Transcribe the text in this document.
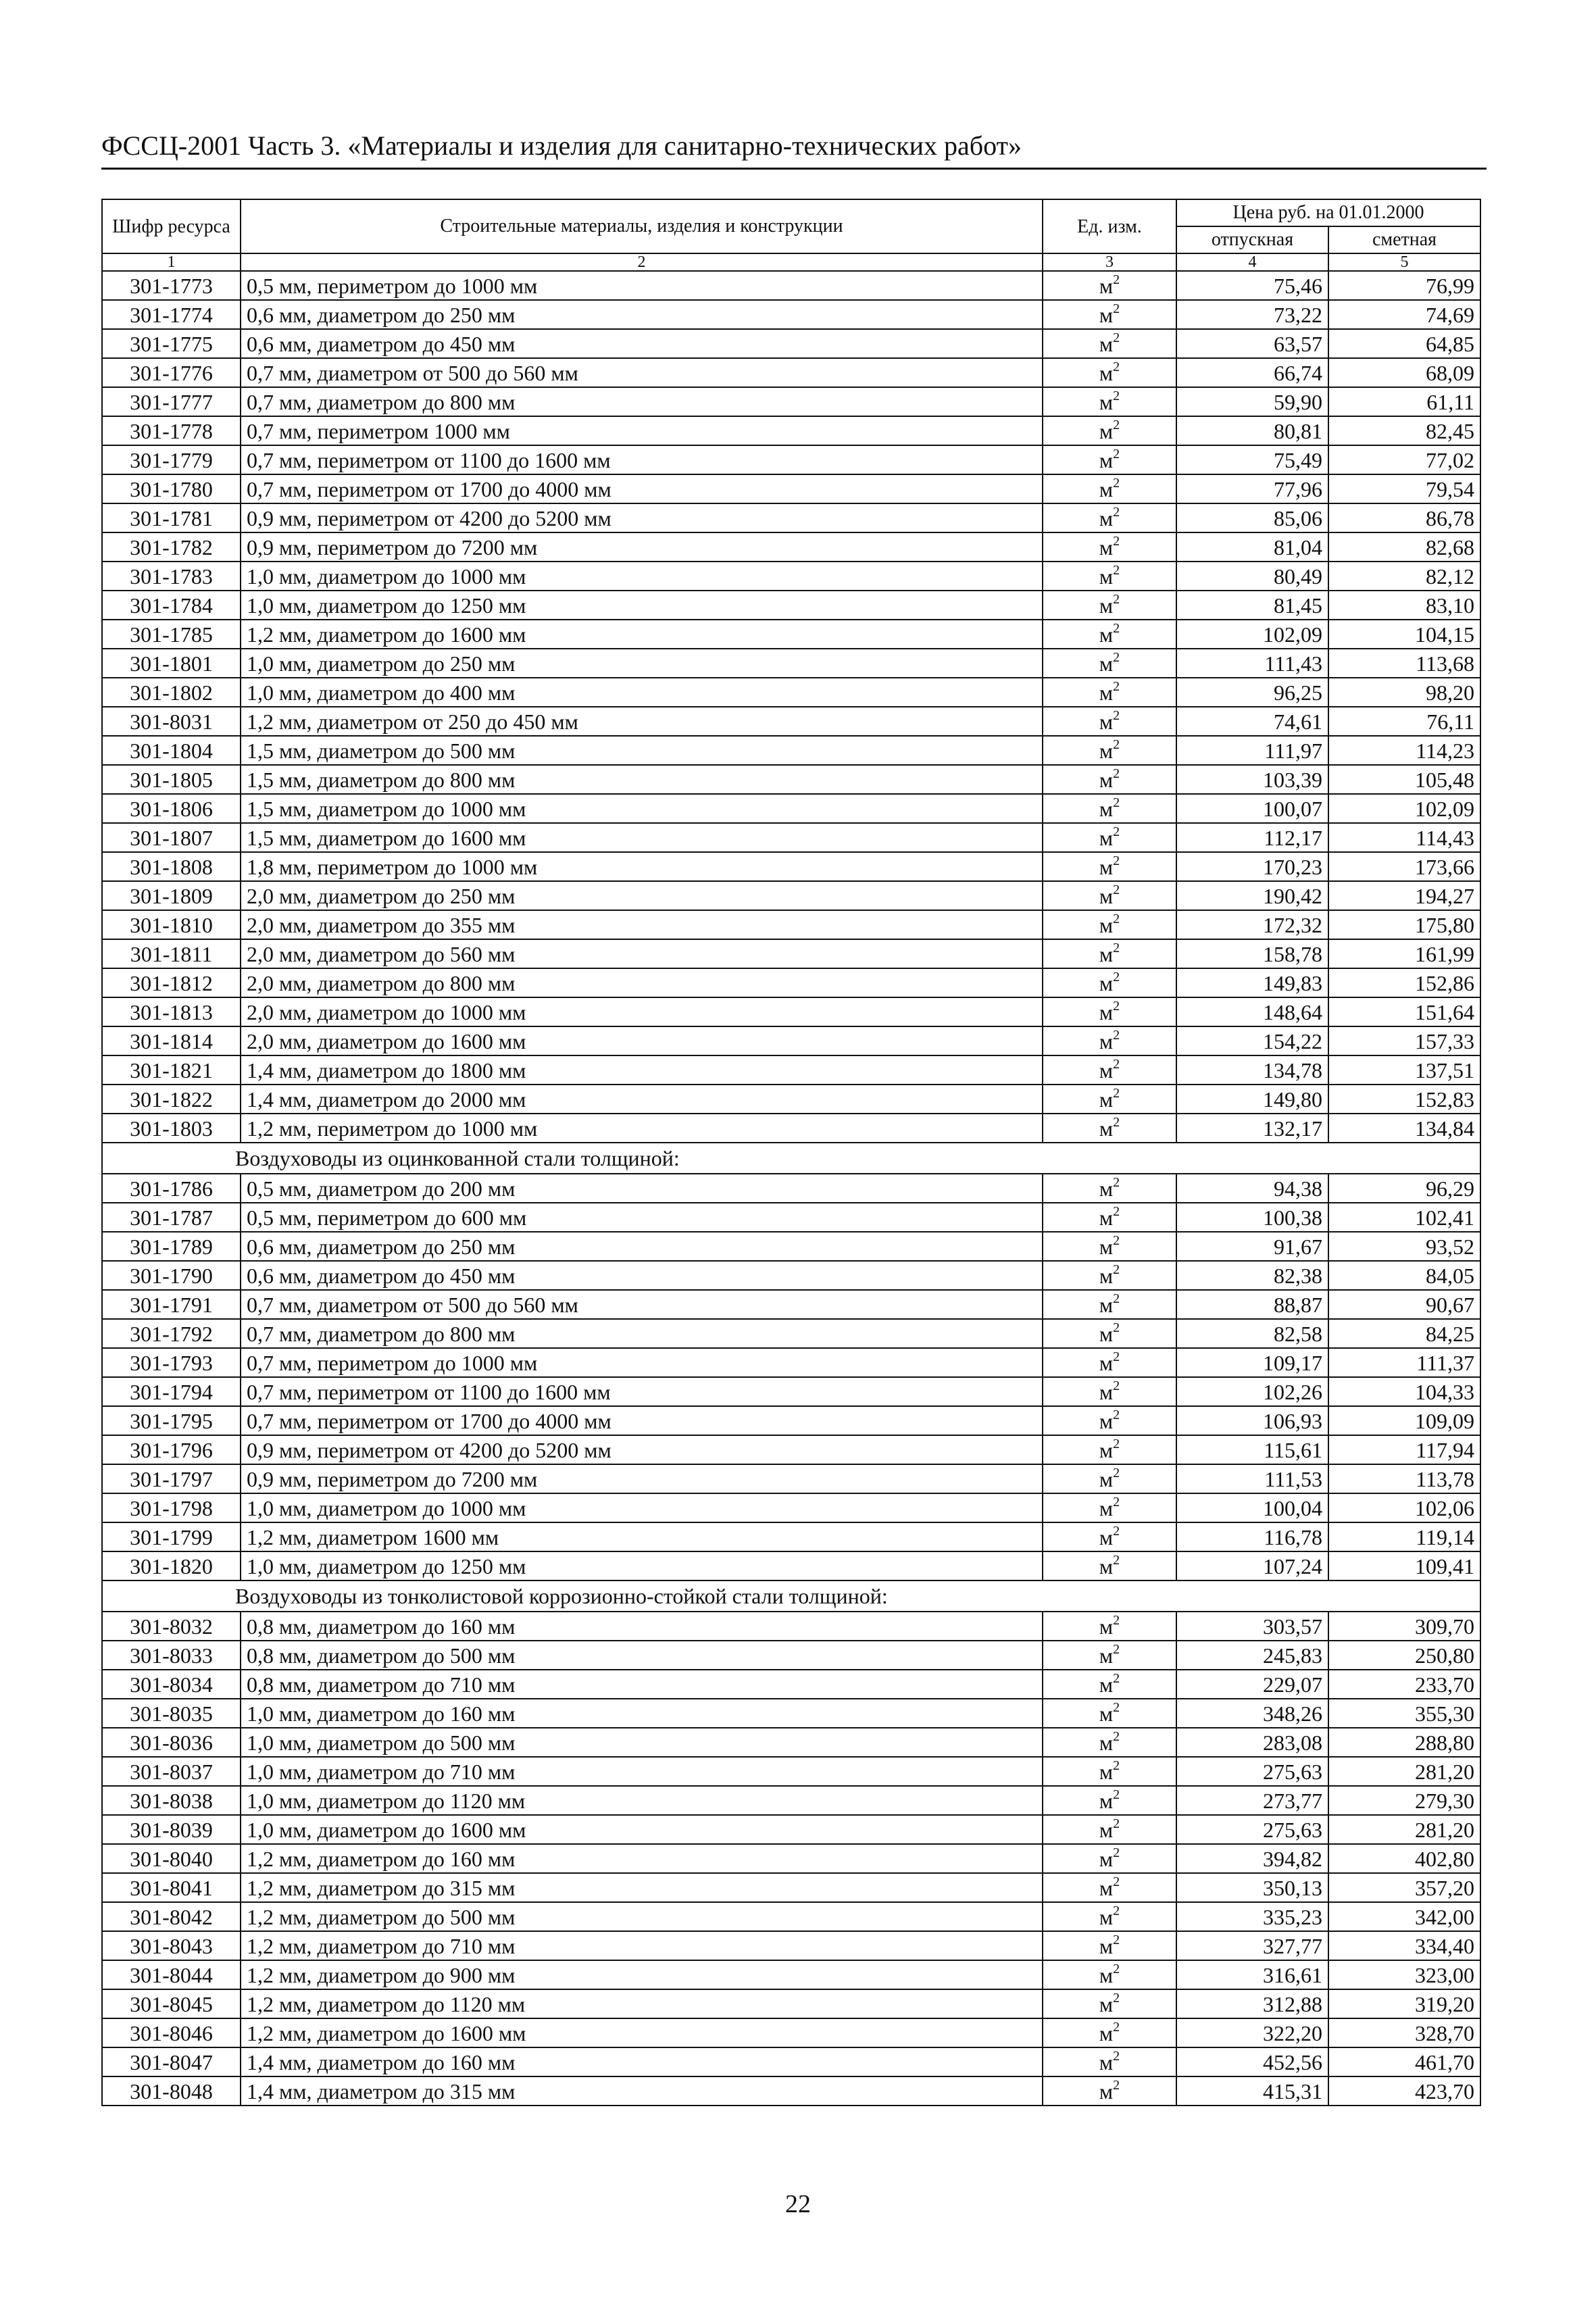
ФССЦ-2001 Часть 3. «Материалы и изделия для санитарно-технических работ»
Шифр ресурса	Строительные материалы, изделия и конструкции	Ед. изм.	Цена руб. на 01.01.2000	
			отпускная	сметная
1	2	3	4	5
301-1773	0,5 мм, периметром до 1000 мм	$м^2$	75,46	76,99
301-1774	0,6 мм, диаметром до 250 мм	$м^2$	73,22	74,69
301-1775	0,6 мм, диаметром до 450 мм	$м^2$	63,57	64,85
301-1776	0,7 мм, диаметром от 500 до 560 мм	$м^2$	66,74	68,09
301-1777	0,7 мм, диаметром до 800 мм	$м^2$	59,90	61,11
301-1778	0,7 мм, периметром 1000 мм	$м^2$	80,81	82,45
301-1779	0,7 мм, периметром от 1100 до 1600 мм	$м^2$	75,49	77,02
301-1780	0,7 мм, периметром от 1700 до 4000 мм	$м^2$	77,96	79,54
301-1781	0,9 мм, периметром от 4200 до 5200 мм	$м^2$	85,06	86,78
301-1782	0,9 мм, периметром до 7200 мм	$м^2$	81,04	82,68
301-1783	1,0 мм, диаметром до 1000 мм	$м^2$	80,49	82,12
301-1784	1,0 мм, диаметром до 1250 мм	$м^2$	81,45	83,10
301-1785	1,2 мм, диаметром до 1600 мм	$м^2$	102,09	104,15
301-1801	1,0 мм, диаметром до 250 мм	$м^2$	111,43	113,68
301-1802	1,0 мм, диаметром до 400 мм	$м^2$	96,25	98,20
301-8031	1,2 мм, диаметром от 250 до 450 мм	$м^2$	74,61	76,11
301-1804	1,5 мм, диаметром до 500 мм	$м^2$	111,97	114,23
301-1805	1,5 мм, диаметром до 800 мм	$м^2$	103,39	105,48
301-1806	1,5 мм, диаметром до 1000 мм	$м^2$	100,07	102,09
301-1807	1,5 мм, диаметром до 1600 мм	$м^2$	112,17	114,43
301-1808	1,8 мм, периметром до 1000 мм	$м^2$	170,23	173,66
301-1809	2,0 мм, диаметром до 250 мм	$м^2$	190,42	194,27
301-1810	2,0 мм, диаметром до 355 мм	$м^2$	172,32	175,80
301-1811	2,0 мм, диаметром до 560 мм	$м^2$	158,78	161,99
301-1812	2,0 мм, диаметром до 800 мм	$м^2$	149,83	152,86
301-1813	2,0 мм, диаметром до 1000 мм	$м^2$	148,64	151,64
301-1814	2,0 мм, диаметром до 1600 мм	$м^2$	154,22	157,33
301-1821	1,4 мм, диаметром до 1800 мм	$м^2$	134,78	137,51
301-1822	1,4 мм, диаметром до 2000 мм	$м^2$	149,80	152,83
301-1803	1,2 мм, периметром до 1000 мм	$м^2$	132,17	134,84
Воздуховоды из оцинкованной стали толщиной:				
301-1786	0,5 мм, диаметром до 200 мм	$м^2$	94,38	96,29
301-1787	0,5 мм, периметром до 600 мм	$м^2$	100,38	102,41
301-1789	0,6 мм, диаметром до 250 мм	$м^2$	91,67	93,52
301-1790	0,6 мм, диаметром до 450 мм	$м^2$	82,38	84,05
301-1791	0,7 мм, диаметром от 500 до 560 мм	$м^2$	88,87	90,67
301-1792	0,7 мм, диаметром до 800 мм	$м^2$	82,58	84,25
301-1793	0,7 мм, периметром до 1000 мм	$м^2$	109,17	111,37
301-1794	0,7 мм, периметром от 1100 до 1600 мм	$м^2$	102,26	104,33
301-1795	0,7 мм, периметром от 1700 до 4000 мм	$м^2$	106,93	109,09
301-1796	0,9 мм, периметром от 4200 до 5200 мм	$м^2$	115,61	117,94
301-1797	0,9 мм, периметром до 7200 мм	$м^2$	111,53	113,78
301-1798	1,0 мм, диаметром до 1000 мм	$м^2$	100,04	102,06
301-1799	1,2 мм, диаметром 1600 мм	$м^2$	116,78	119,14
301-1820	1,0 мм, диаметром до 1250 мм	$м^2$	107,24	109,41
Воздуховоды из тонколистовой коррозионно-стойкой стали толщиной:				
301-8032	0,8 мм, диаметром до 160 мм	$м^2$	303,57	309,70
301-8033	0,8 мм, диаметром до 500 мм	$м^2$	245,83	250,80
301-8034	0,8 мм, диаметром до 710 мм	$м^2$	229,07	233,70
301-8035	1,0 мм, диаметром до 160 мм	$м^2$	348,26	355,30
301-8036	1,0 мм, диаметром до 500 мм	$м^2$	283,08	288,80
301-8037	1,0 мм, диаметром до 710 мм	$м^2$	275,63	281,20
301-8038	1,0 мм, диаметром до 1120 мм	$м^2$	273,77	279,30
301-8039	1,0 мм, диаметром до 1600 мм	$м^2$	275,63	281,20
301-8040	1,2 мм, диаметром до 160 мм	$м^2$	394,82	402,80
301-8041	1,2 мм, диаметром до 315 мм	$м^2$	350,13	357,20
301-8042	1,2 мм, диаметром до 500 мм	$м^2$	335,23	342,00
301-8043	1,2 мм, диаметром до 710 мм	$м^2$	327,77	334,40
301-8044	1,2 мм, диаметром до 900 мм	$м^2$	316,61	323,00
301-8045	1,2 мм, диаметром до 1120 мм	$м^2$	312,88	319,20
301-8046	1,2 мм, диаметром до 1600 мм	$м^2$	322,20	328,70
301-8047	1,4 мм, диаметром до 160 мм	$м^2$	452,56	461,70
301-8048	1,4 мм, диаметром до 315 мм	$м^2$	415,31	423,70
22
